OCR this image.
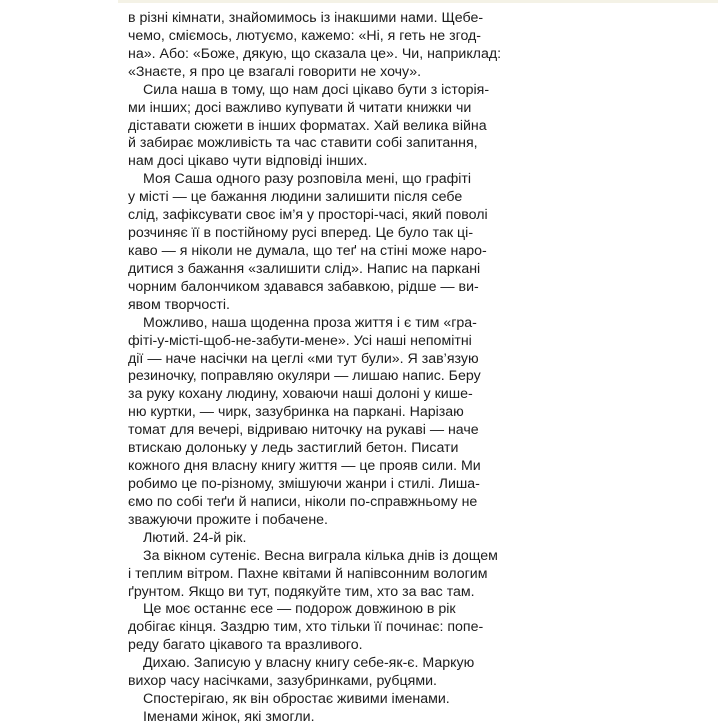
в різні кімнати, знайомимось із інакшими нами. Щебе-
чемо, сміємось, лютуємо, кажемо: «Ні, я геть не згод-
на». Або: «Боже, дякую, що сказала це». Чи, наприклад:
«Знаєте, я про це взагалі говорити не хочу».
Сила наша в тому, що нам досі цікаво бути з історія-
ми інших; досі важливо купувати й читати книжки чи
діставати сюжети в інших форматах. Хай велика війна
й забирає можливість та час ставити собі запитання,
нам досі цікаво чути відповіді інших.
Моя Саша одного разу розповіла мені, що графіті
у місті — це бажання людини залишити після себе
слід, зафіксувати своє ім’я у просторі-часі, який поволі
розчиняє її в постійному русі вперед. Це було так ці-
каво — я ніколи не думала, що теґ на стіні може наро-
дитися з бажання «залишити слід». Напис на паркані
чорним балончиком здавався забавкою, рідше — ви-
явом творчості.
Можливо, наша щоденна проза життя і є тим «гра-
фіті-у-місті-щоб-не-забути-мене». Усі наші непомітні
дії — наче насічки на цеглі «ми тут були». Я зав’язую
резиночку, поправляю окуляри — лишаю напис. Беру
за руку кохану людину, ховаючи наші долоні у кише-
ню куртки, — чирк, зазубринка на паркані. Нарізаю
томат для вечері, відриваю ниточку на рукаві — наче
втискаю долоньку у ледь застиглий бетон. Писати
кожного дня власну книгу життя — це прояв сили. Ми
робимо це по-різному, змішуючи жанри і стилі. Лиша-
ємо по собі теґи й написи, ніколи по-справжньому не
зважуючи прожите і побачене.
Лютий. 24-й рік.
За вікном сутеніє. Весна виграла кілька днів із дощем
і теплим вітром. Пахне квітами й напівсонним вологим
ґрунтом. Якщо ви тут, подякуйте тим, хто за вас там.
Це моє останнє есе — подорож довжиною в рік
добігає кінця. Заздрю тим, хто тільки її починає: попе-
реду багато цікавого та вразливого.
Дихаю. Записую у власну книгу себе-як-є. Маркую
вихор часу насічками, зазубринками, рубцями.
Спостерігаю, як він обростає живими іменами.
Іменами жінок, які змогли.
